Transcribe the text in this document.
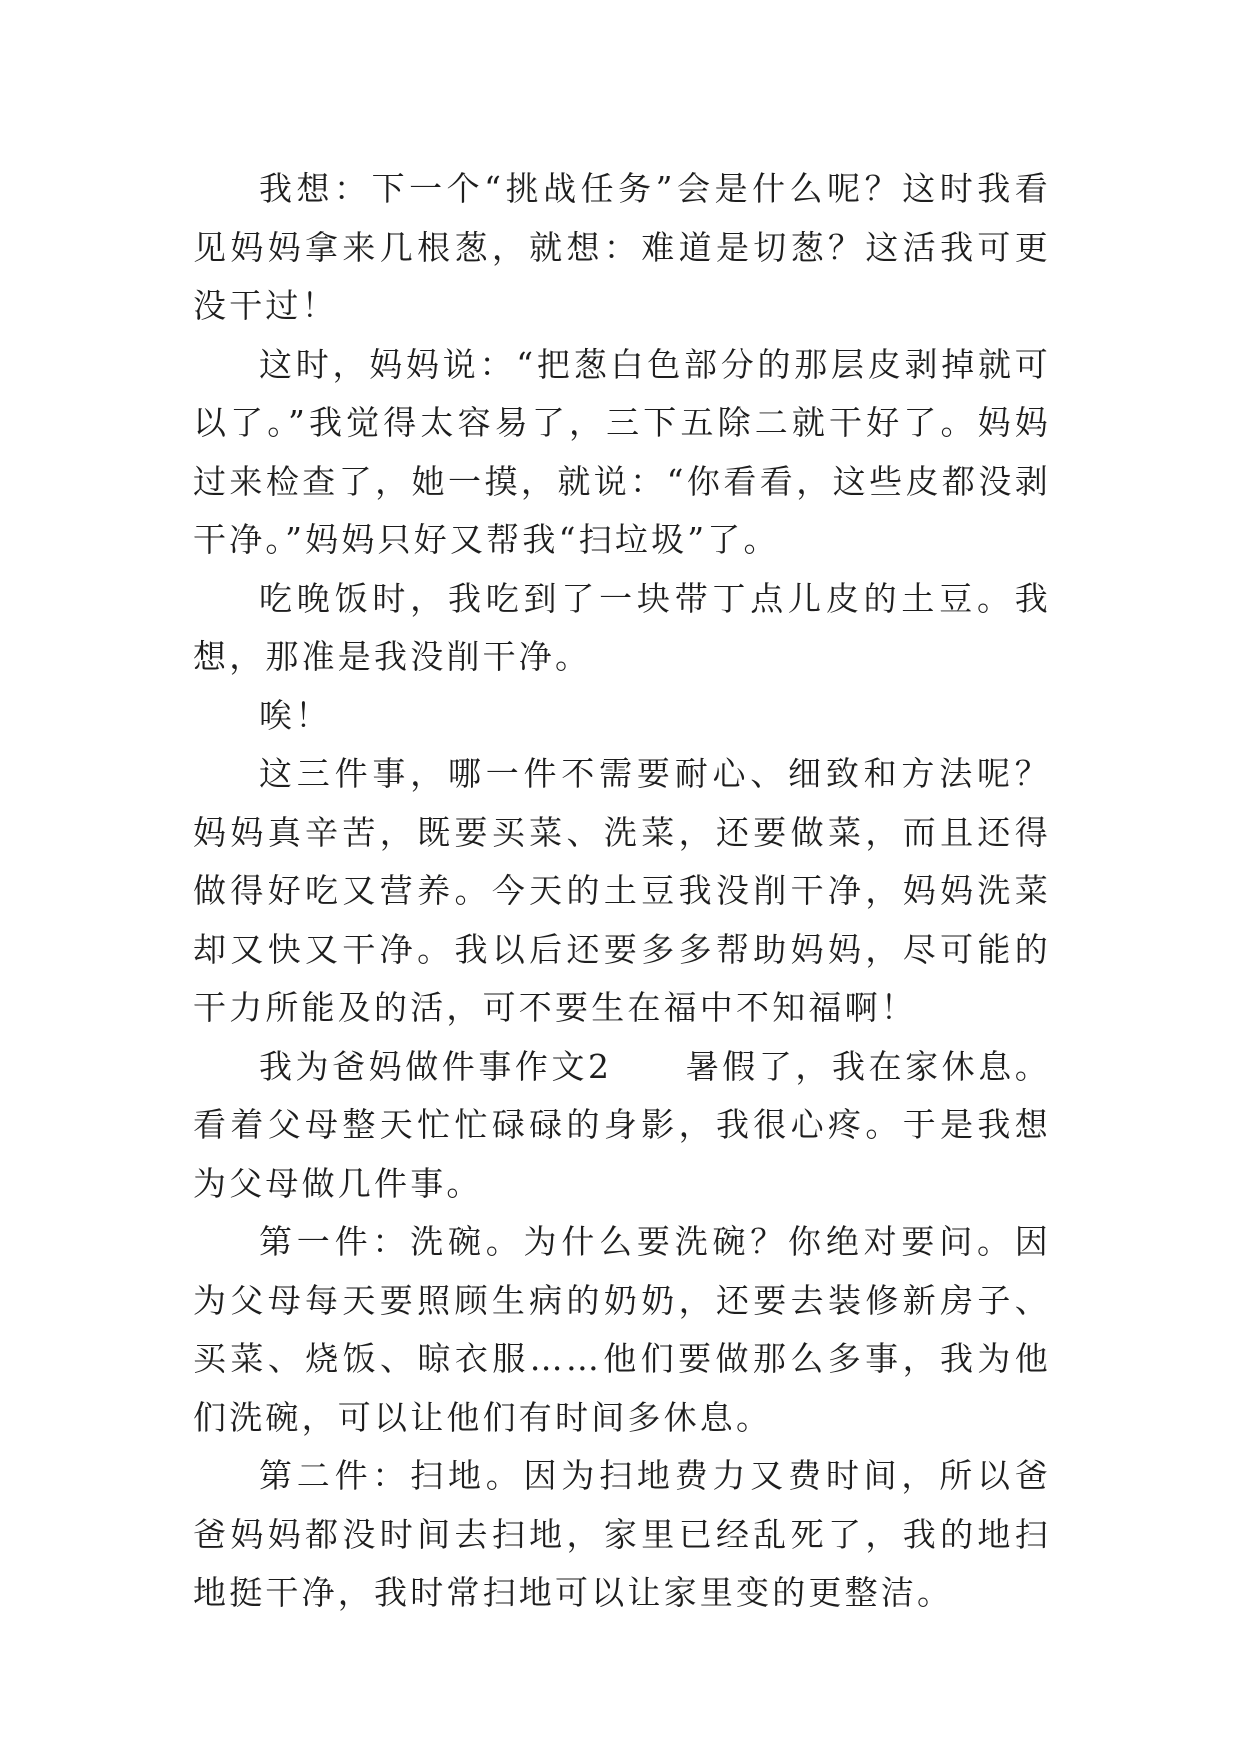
我想：下一个“挑战任务”会是什么呢？这时我看见妈妈拿来几根葱，就想：难道是切葱？这活我可更没干过！

这时，妈妈说：“把葱白色部分的那层皮剥掉就可以了。”我觉得太容易了，三下五除二就干好了。妈妈过来检查了，她一摸，就说：“你看看，这些皮都没剥干净。”妈妈只好又帮我“扫垃圾”了。

吃晚饭时，我吃到了一块带丁点儿皮的土豆。我想，那准是我没削干净。

唉！

这三件事，哪一件不需要耐心、细致和方法呢？妈妈真辛苦，既要买菜、洗菜，还要做菜，而且还得做得好吃又营养。今天的土豆我没削干净，妈妈洗菜却又快又干净。我以后还要多多帮助妈妈，尽可能的干力所能及的活，可不要生在福中不知福啊！

我为爸妈做件事作文2　　暑假了，我在家休息。看着父母整天忙忙碌碌的身影，我很心疼。于是我想为父母做几件事。

第一件：洗碗。为什么要洗碗？你绝对要问。因为父母每天要照顾生病的奶奶，还要去装修新房子、买菜、烧饭、晾衣服……他们要做那么多事，我为他们洗碗，可以让他们有时间多休息。

第二件：扫地。因为扫地费力又费时间，所以爸爸妈妈都没时间去扫地，家里已经乱死了，我的地扫地挺干净，我时常扫地可以让家里变的更整洁。
